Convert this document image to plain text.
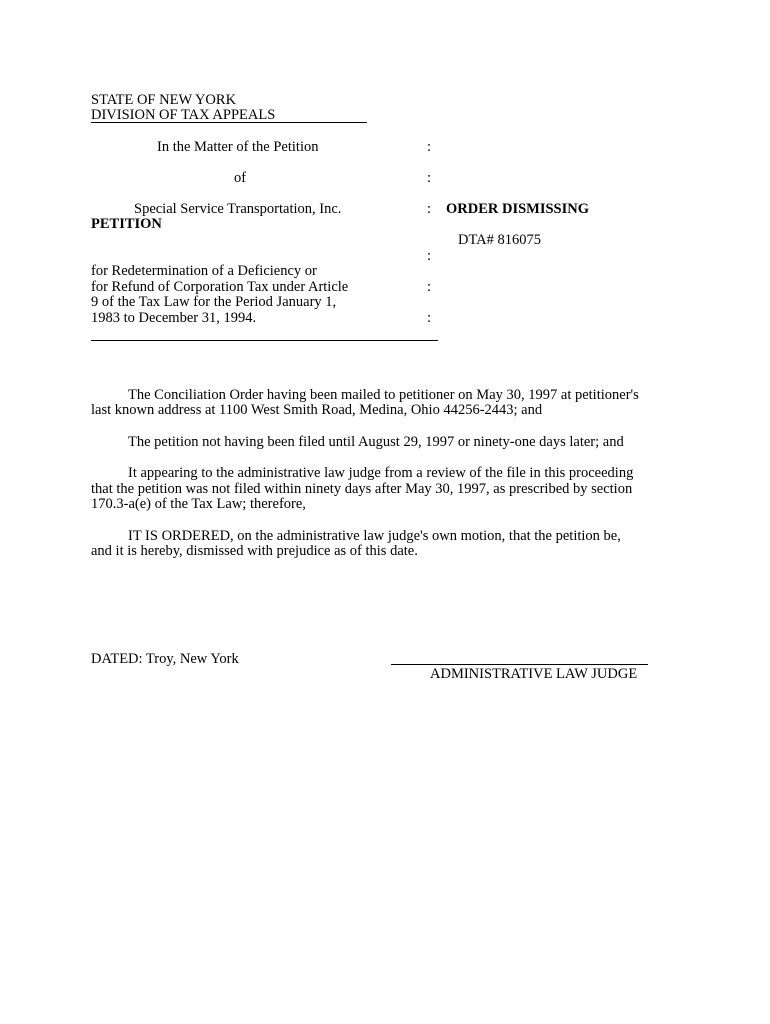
STATE OF NEW YORK
DIVISION OF TAX APPEALS
In the Matter of the Petition	:
of	:
Special Service Transportation, Inc.	: ORDER DISMISSING
PETITION
DTA# 816075
:
for Redetermination of a Deficiency or
for Refund of Corporation Tax under Article	:
9 of the Tax Law for the Period January 1,
1983 to December 31, 1994.	:
The Conciliation Order having been mailed to petitioner on May 30, 1997 at petitioner's
last known address at 1100 West Smith Road, Medina, Ohio 44256-2443; and
The petition not having been filed until August 29, 1997 or ninety-one days later; and
It appearing to the administrative law judge from a review of the file in this proceeding
that the petition was not filed within ninety days after May 30, 1997, as prescribed by section
170.3-a(e) of the Tax Law; therefore,
IT IS ORDERED, on the administrative law judge's own motion, that the petition be,
and it is hereby, dismissed with prejudice as of this date.
DATED: Troy, New York
ADMINISTRATIVE LAW JUDGE
